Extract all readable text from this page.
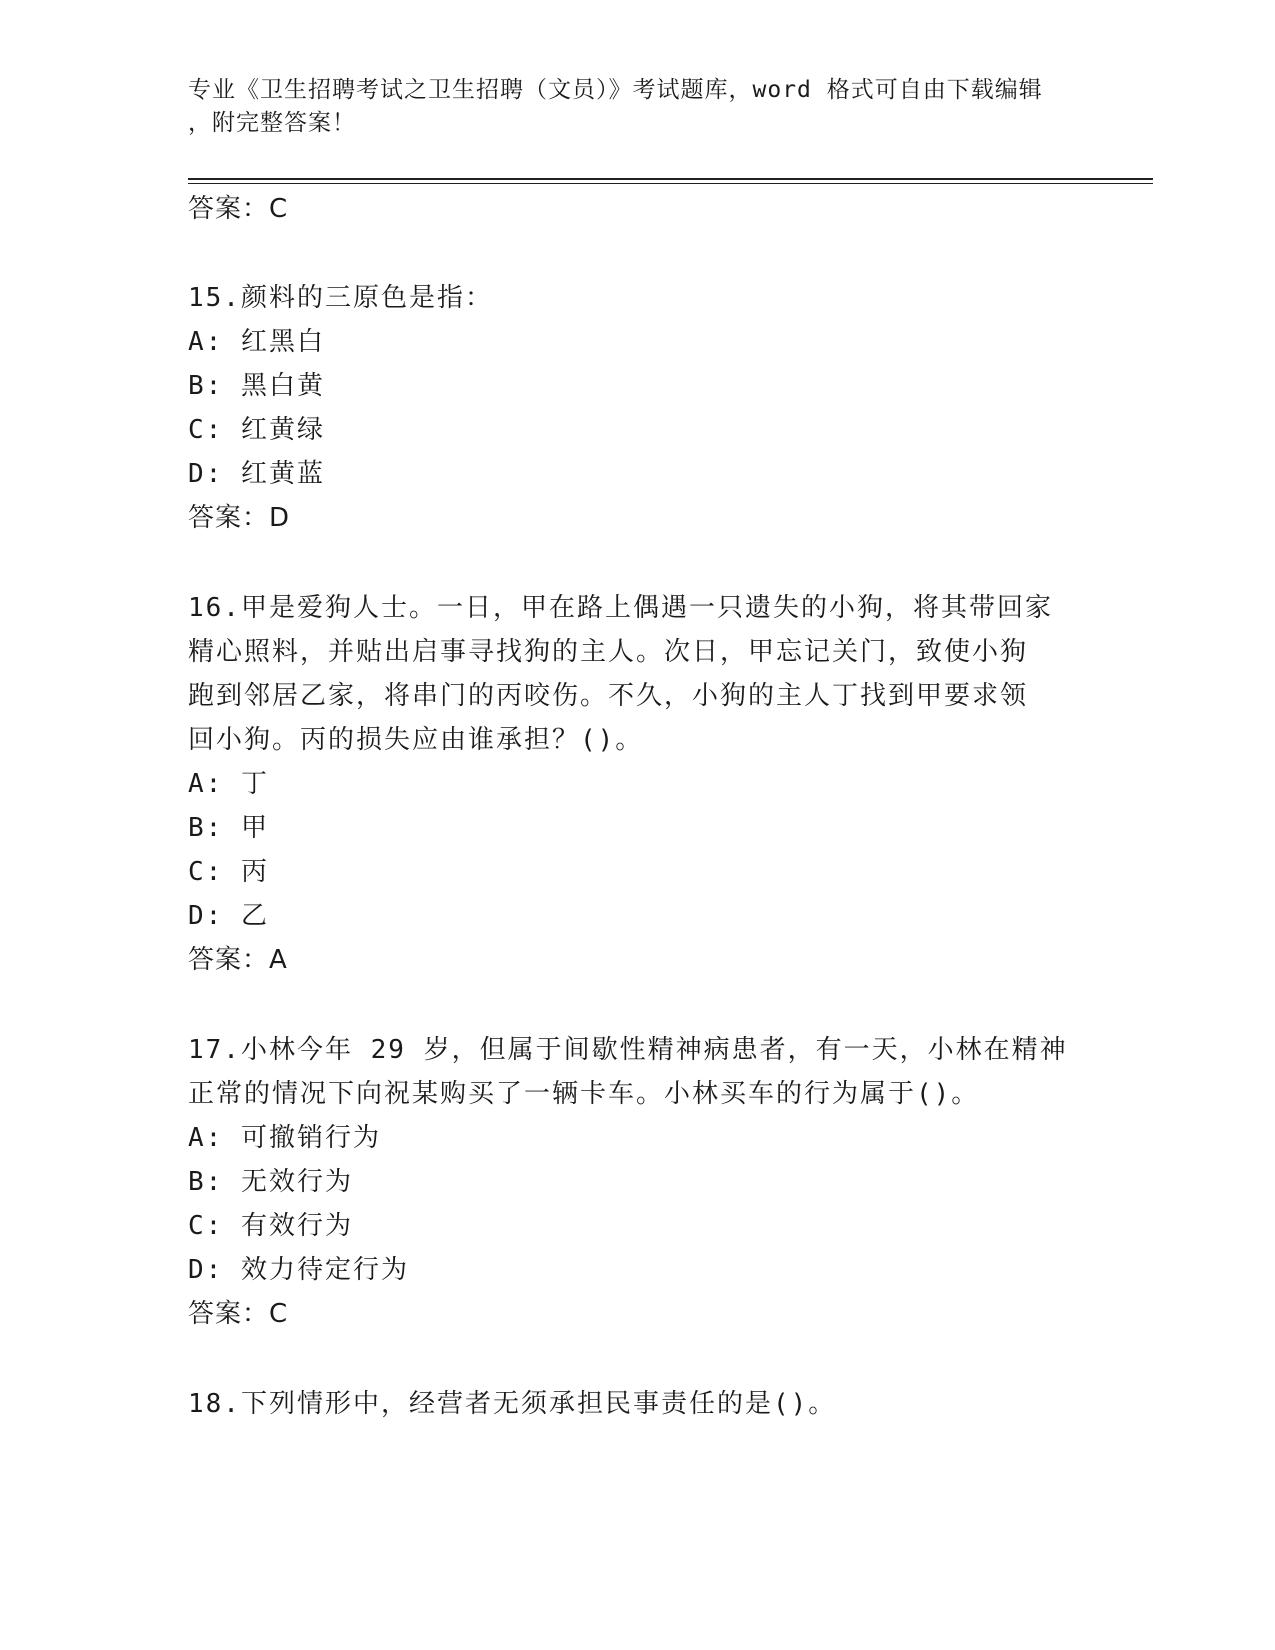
专业《卫生招聘考试之卫生招聘（文员）》考试题库，word 格式可自由下载编辑
，附完整答案！
答案：C
15.颜料的三原色是指：
A: 红黑白
B: 黑白黄
C: 红黄绿
D: 红黄蓝
答案：D
16.甲是爱狗人士。一日，甲在路上偶遇一只遗失的小狗，将其带回家
精心照料，并贴出启事寻找狗的主人。次日，甲忘记关门，致使小狗
跑到邻居乙家，将串门的丙咬伤。不久，小狗的主人丁找到甲要求领
回小狗。丙的损失应由谁承担？()。
A: 丁
B: 甲
C: 丙
D: 乙
答案：A
17.小林今年 29 岁，但属于间歇性精神病患者，有一天，小林在精神
正常的情况下向祝某购买了一辆卡车。小林买车的行为属于()。
A: 可撤销行为
B: 无效行为
C: 有效行为
D: 效力待定行为
答案：C
18.下列情形中，经营者无须承担民事责任的是()。
